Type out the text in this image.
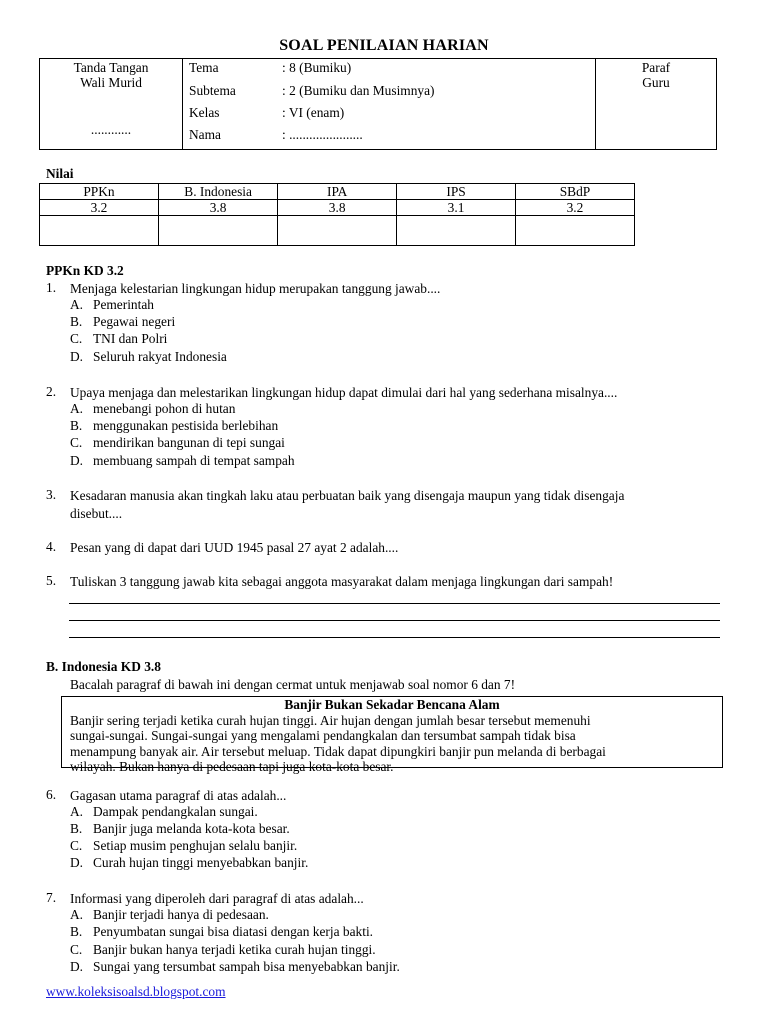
SOAL PENILAIAN HARIAN
Tanda Tangan
Wali Murid
............

Tema	: 8 (Bumiku)
Subtema	: 2 (Bumiku dan Musimnya)
Kelas	: VI (enam)
Nama	: ......................

Paraf
Guru
Nilai
PPKn	B. Indonesia	IPA	IPS	SBdP
3.2	3.8	3.8	3.1	3.2

PPKn KD 3.2
1. Menjaga kelestarian lingkungan hidup merupakan tanggung jawab....
A. Pemerintah
B. Pegawai negeri
C. TNI dan Polri
D. Seluruh rakyat Indonesia
2. Upaya menjaga dan melestarikan lingkungan hidup dapat dimulai dari hal yang sederhana misalnya....
A. menebangi pohon di hutan
B. menggunakan pestisida berlebihan
C. mendirikan bangunan di tepi sungai
D. membuang sampah di tempat sampah
3. Kesadaran manusia akan tingkah laku atau perbuatan baik yang disengaja maupun yang tidak disengaja
disebut....
4. Pesan yang di dapat dari UUD 1945 pasal 27 ayat 2 adalah....
5. Tuliskan 3 tanggung jawab kita sebagai anggota masyarakat dalam menjaga lingkungan dari sampah!
B. Indonesia KD 3.8
Bacalah paragraf di bawah ini dengan cermat untuk menjawab soal nomor 6 dan 7!
Banjir Bukan Sekadar Bencana Alam
Banjir sering terjadi ketika curah hujan tinggi. Air hujan dengan jumlah besar tersebut memenuhi
sungai-sungai. Sungai-sungai yang mengalami pendangkalan dan tersumbat sampah tidak bisa
menampung banyak air. Air tersebut meluap. Tidak dapat dipungkiri banjir pun melanda di berbagai
wilayah. Bukan hanya di pedesaan tapi juga kota-kota besar.
6. Gagasan utama paragraf di atas adalah...
A. Dampak pendangkalan sungai.
B. Banjir juga melanda kota-kota besar.
C. Setiap musim penghujan selalu banjir.
D. Curah hujan tinggi menyebabkan banjir.
7. Informasi yang diperoleh dari paragraf di atas adalah...
A. Banjir terjadi hanya di pedesaan.
B. Penyumbatan sungai bisa diatasi dengan kerja bakti.
C. Banjir bukan hanya terjadi ketika curah hujan tinggi.
D. Sungai yang tersumbat sampah bisa menyebabkan banjir.
www.koleksisoalsd.blogspot.com
